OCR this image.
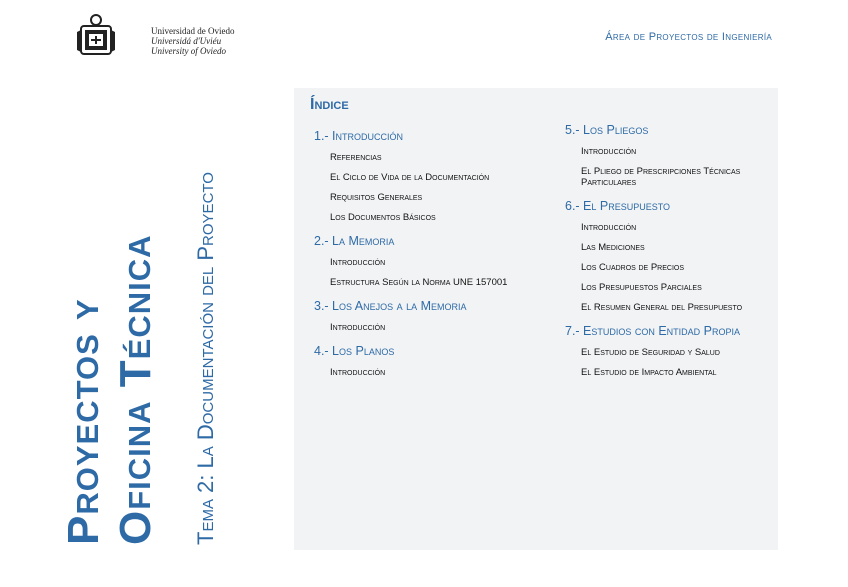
Universidad de Oviedo
Universidá d'Uviéu
University of Oviedo
Área de Proyectos de Ingeniería
Proyectos y Oficina Técnica Tema 2: La Documentación del Proyecto
Índice
1.- Introducción
Referencias
El Ciclo de Vida de la Documentación
Requisitos Generales
Los Documentos Básicos
2.- La Memoria
Introducción
Estructura Según la Norma UNE 157001
3.- Los Anejos a la Memoria
Introducción
4.- Los Planos
Introducción
5.- Los Pliegos
Introducción
El Pliego de Prescripciones Técnicas Particulares
6.- El Presupuesto
Introducción
Las Mediciones
Los Cuadros de Precios
Los Presupuestos Parciales
El Resumen General del Presupuesto
7.- Estudios con Entidad Propia
El Estudio de Seguridad y Salud
El Estudio de Impacto Ambiental
